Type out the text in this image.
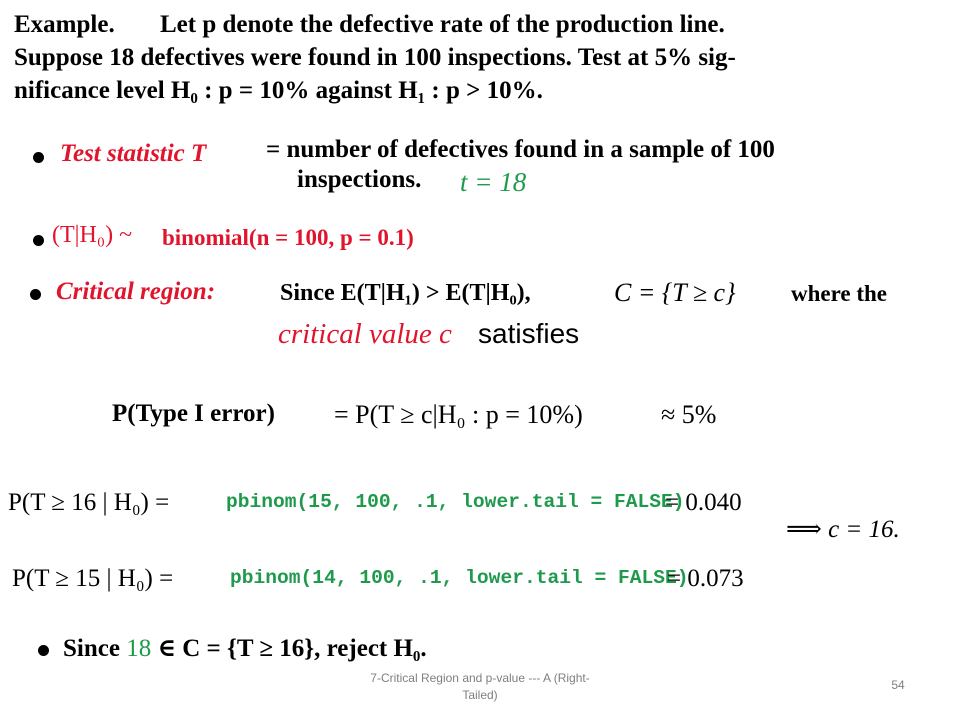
Example. Let p denote the defective rate of the production line.
Suppose 18 defectives were found in 100 inspections. Test at 5% sig-
nificance level H₀ : p = 10% against H₁ : p > 10%.
Test statistic T = number of defectives found in a sample of 100
inspections. t = 18
(T|H₀) ~ binomial(n = 100, p = 0.1)
Critical region:	Since E(T|H₁) > E(T|H₀),	C = {T ≥ c} where the
critical value c satisfies
P(Type I error) = P(T ≥ c|H₀ : p = 10%)	≈ 5%
P(T ≥ 16 | H₀) =	pbinom(15, 100, .1, lower.tail = FALSE)
= 0.040
⟹ c = 16.
P(T ≥ 15 | H₀) =	pbinom(14, 100, .1, lower.tail = FALSE)
= 0.073
Since 18 ∈ C = {T ≥ 16}, reject H₀.
7-Critical Region and p-value --- A (Right-
Tailed)
54
